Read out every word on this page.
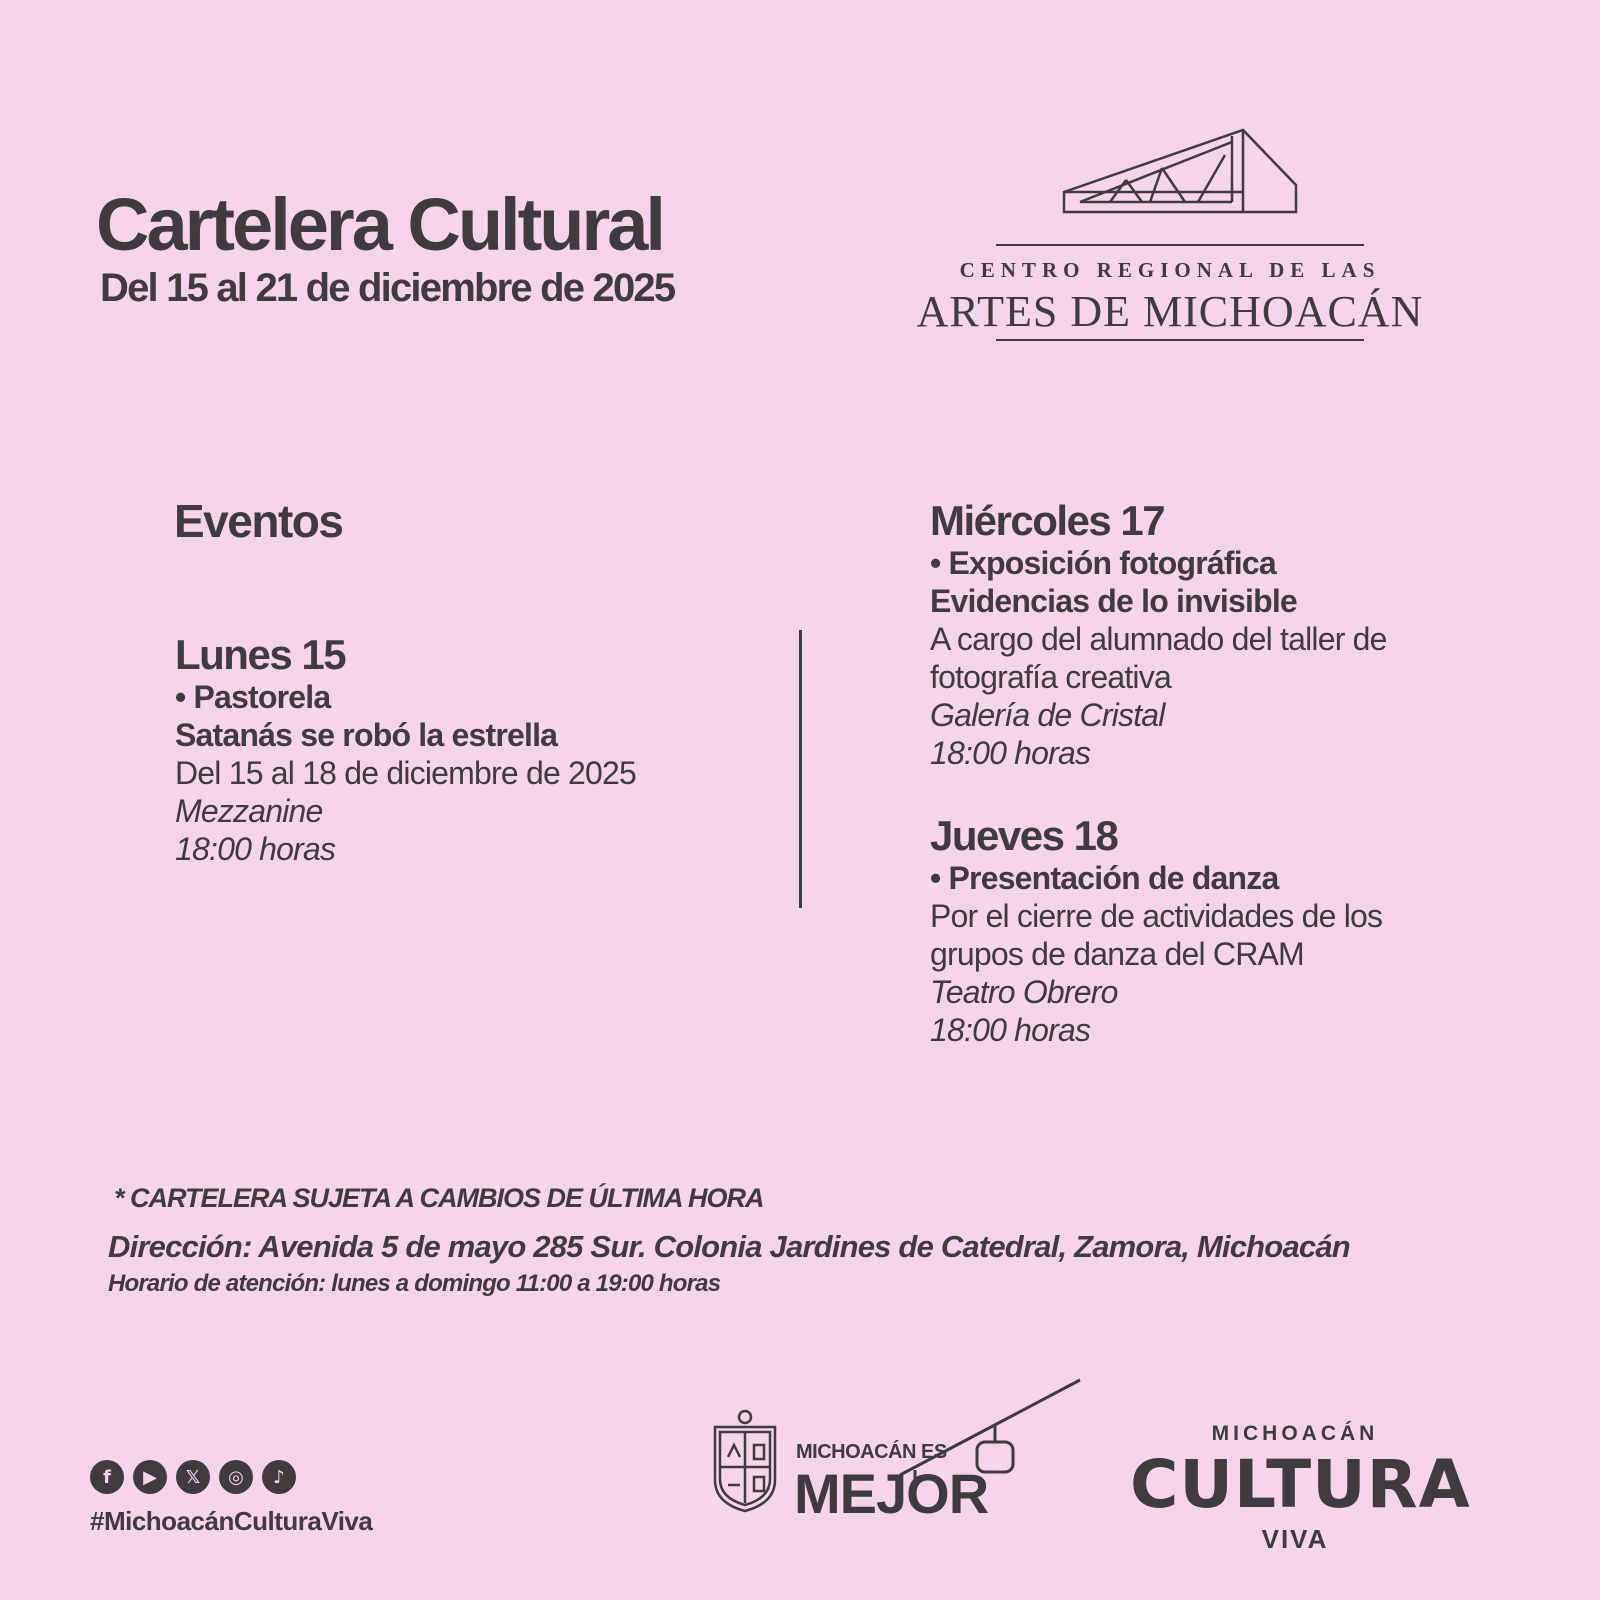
Cartelera Cultural
Del 15 al 21 de diciembre de 2025	CENTRO REGIONAL DE LAS
ARTES DE MICHOACÁN
Eventos
Lunes 15
• Pastorela
Satanás se robó la estrella
Del 15 al 18 de diciembre de 2025
Mezzanine
18:00 horas
Miércoles 17
• Exposición fotográfica
Evidencias de lo invisible
A cargo del alumnado del taller de
fotografía creativa
Galería de Cristal
18:00 horas
Jueves 18
• Presentación de danza
Por el cierre de actividades de los
grupos de danza del CRAM
Teatro Obrero
18:00 horas
* CARTELERA SUJETA A CAMBIOS DE ÚLTIMA HORA
Dirección: Avenida 5 de mayo 285 Sur. Colonia Jardines de Catedral, Zamora, Michoacán
Horario de atención: lunes a domingo 11:00 a 19:00 horas
f	▶	𝕏	◎	♪
#MichoacánCulturaViva
MICHOACÁN ES
MEJOR
MICHOACÁN
CULTURA
VIVA
